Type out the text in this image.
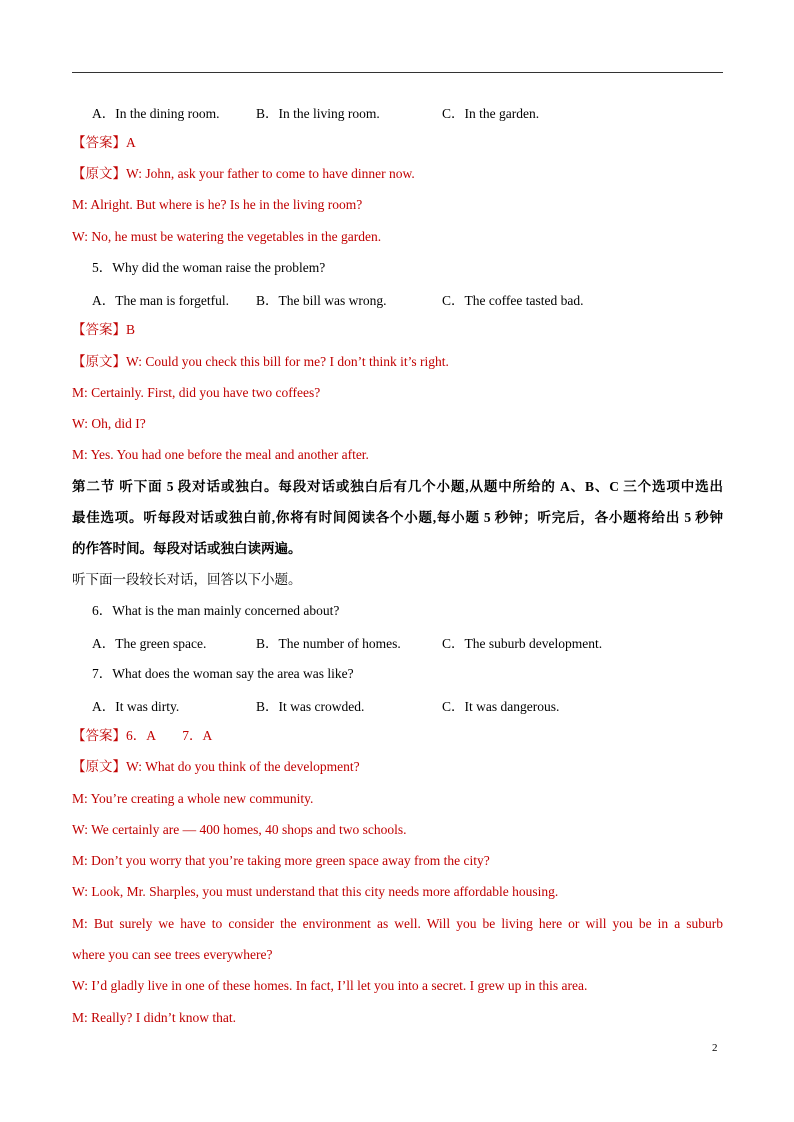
A．In the dining room.	B．In the living room.	C．In the garden.
【答案】A
【原文】W: John, ask your father to come to have dinner now.
M: Alright. But where is he? Is he in the living room?
W: No, he must be watering the vegetables in the garden.
5．Why did the woman raise the problem?
A．The man is forgetful. B．The bill was wrong.	C．The coffee tasted bad.
【答案】B
【原文】W: Could you check this bill for me? I don’t think it’s right.
M: Certainly. First, did you have two coffees?
W: Oh, did I?
M: Yes. You had one before the meal and another after.
第二节 听下面 5 段对话或独白。每段对话或独白后有几个小题,从题中所给的 A、B、C 三个选项中选出
最佳选项。听每段对话或独白前,你将有时间阅读各个小题,每小题 5 秒钟；听完后，各小题将给出 5 秒钟
的作答时间。每段对话或独白读两遍。
听下面一段较长对话，回答以下小题。
6．What is the man mainly concerned about?
A．The green space.	B．The number of homes.	C．The suburb development.
7．What does the woman say the area was like?
A．It was dirty.	B．It was crowded.	C．It was dangerous.
【答案】6．A　　7．A
【原文】W: What do you think of the development?
M: You’re creating a whole new community.
W: We certainly are — 400 homes, 40 shops and two schools.
M: Don’t you worry that you’re taking more green space away from the city?
W: Look, Mr. Sharples, you must understand that this city needs more affordable housing.
M: But surely we have to consider the environment as well. Will you be living here or will you be in a suburb
where you can see trees everywhere?
W: I’d gladly live in one of these homes. In fact, I’ll let you into a secret. I grew up in this area.
M: Really? I didn’t know that.
2
